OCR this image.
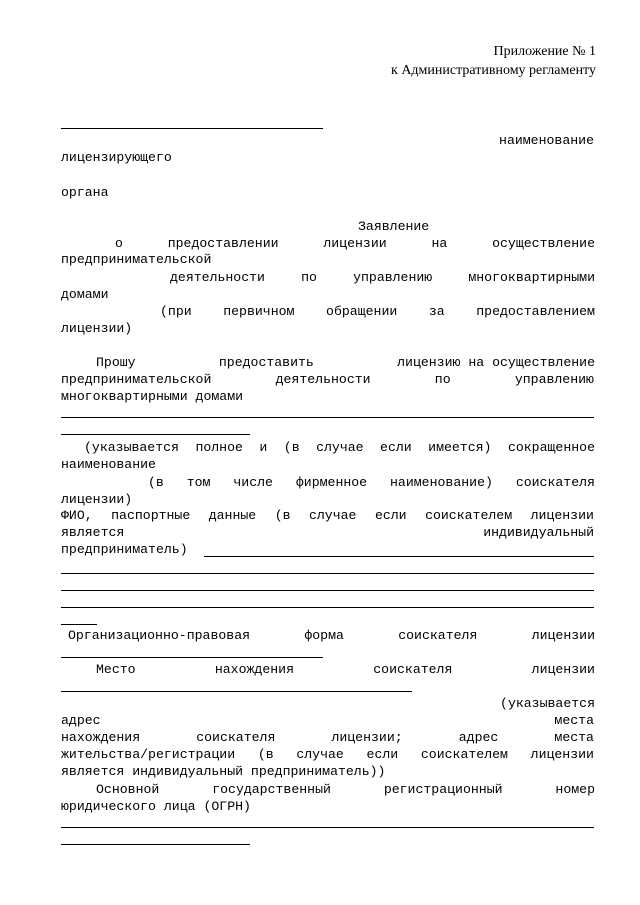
Приложение № 1
к Административному регламенту
наименование
лицензирующего
органа
Заявление
о	предоставлении	лицензии	на	осуществление
предпринимательской
деятельности	по	управлению	многоквартирными
домами
(при первичном обращении за предоставлением
лицензии)
Прошу	предоставить	лицензию на осуществление
предпринимательской	деятельности	по	управлению
многоквартирными домами
(указывается полное и (в случае если имеется) сокращенное
наименование
(в том числе фирменное наименование) соискателя
лицензии)
ФИО, паспортные данные (в случае если соискателем лицензии
является	индивидуальный
предприниматель)
Организационно-правовая	форма	соискателя	лицензии
Место	нахождения	соискателя	лицензии
(указывается
адрес	места
нахождения	соискателя	лицензии;	адрес	места
жительства/регистрации (в случае если соискателем лицензии
является индивидуальный предприниматель))
Основной	государственный	регистрационный	номер
юридического лица (ОГРН)
